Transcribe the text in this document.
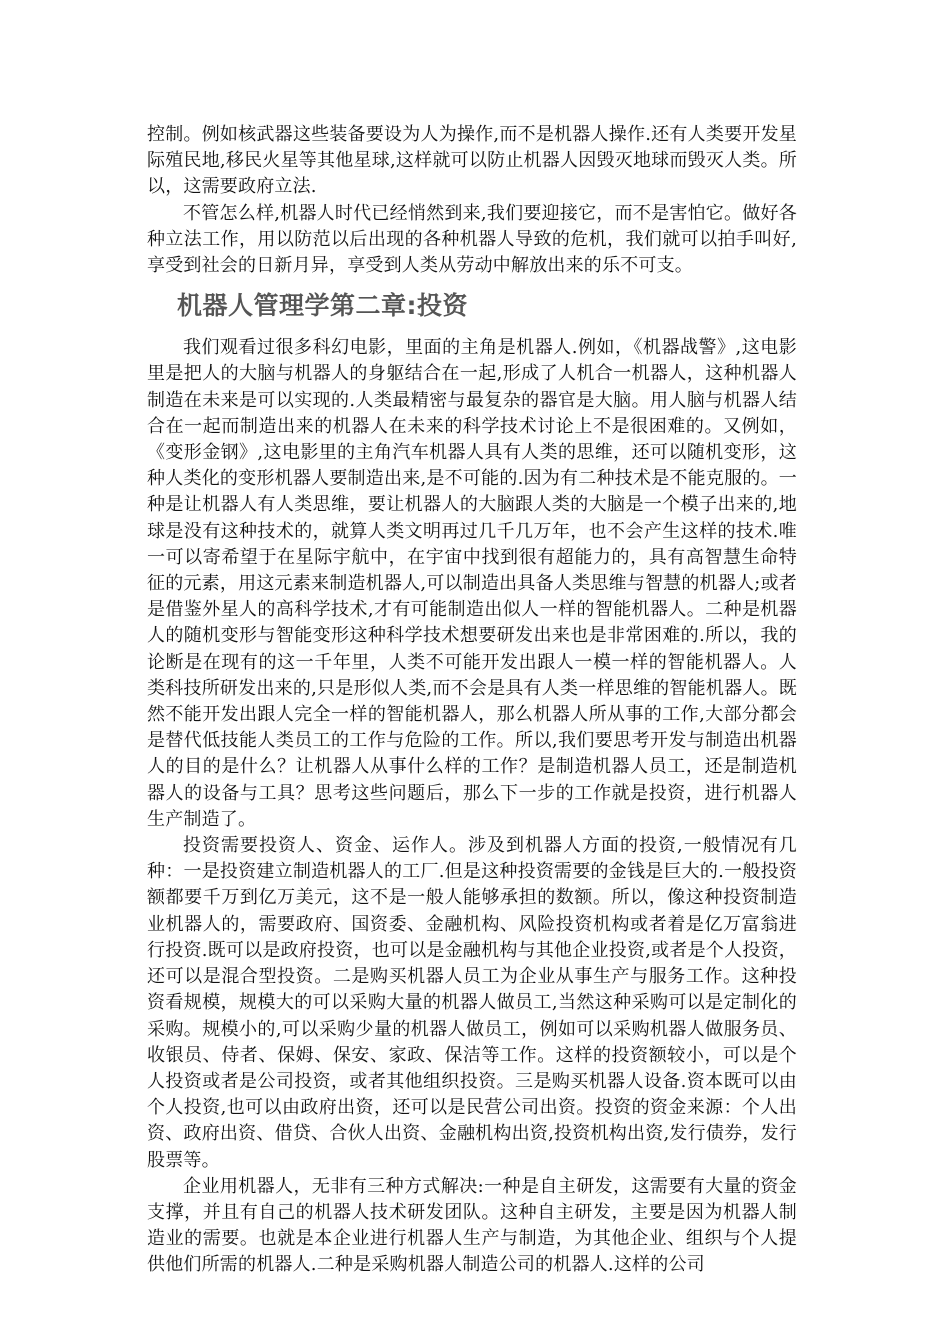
控制。例如核武器这些装备要设为人为操作,而不是机器人操作.还有人类要开发星际殖民地,移民火星等其他星球,这样就可以防止机器人因毁灭地球而毁灭人类。所以，这需要政府立法.

不管怎么样,机器人时代已经悄然到来,我们要迎接它，而不是害怕它。做好各种立法工作，用以防范以后出现的各种机器人导致的危机，我们就可以拍手叫好,享受到社会的日新月异，享受到人类从劳动中解放出来的乐不可支。

机器人管理学第二章:投资

我们观看过很多科幻电影，里面的主角是机器人.例如，《机器战警》,这电影里是把人的大脑与机器人的身躯结合在一起,形成了人机合一机器人，这种机器人制造在未来是可以实现的.人类最精密与最复杂的器官是大脑。用人脑与机器人结合在一起而制造出来的机器人在未来的科学技术讨论上不是很困难的。又例如，《变形金钢》,这电影里的主角汽车机器人具有人类的思维，还可以随机变形，这种人类化的变形机器人要制造出来,是不可能的.因为有二种技术是不能克服的。一种是让机器人有人类思维，要让机器人的大脑跟人类的大脑是一个模子出来的,地球是没有这种技术的，就算人类文明再过几千几万年，也不会产生这样的技术.唯一可以寄希望于在星际宇航中，在宇宙中找到很有超能力的，具有高智慧生命特征的元素，用这元素来制造机器人,可以制造出具备人类思维与智慧的机器人;或者是借鉴外星人的高科学技术,才有可能制造出似人一样的智能机器人。二种是机器人的随机变形与智能变形这种科学技术想要研发出来也是非常困难的.所以，我的论断是在现有的这一千年里，人类不可能开发出跟人一模一样的智能机器人。人类科技所研发出来的,只是形似人类,而不会是具有人类一样思维的智能机器人。既然不能开发出跟人完全一样的智能机器人，那么机器人所从事的工作,大部分都会是替代低技能人类员工的工作与危险的工作。所以,我们要思考开发与制造出机器人的目的是什么？让机器人从事什么样的工作？是制造机器人员工，还是制造机器人的设备与工具？思考这些问题后，那么下一步的工作就是投资，进行机器人生产制造了。

投资需要投资人、资金、运作人。涉及到机器人方面的投资,一般情况有几种：一是投资建立制造机器人的工厂.但是这种投资需要的金钱是巨大的.一般投资额都要千万到亿万美元，这不是一般人能够承担的数额。所以，像这种投资制造业机器人的，需要政府、国资委、金融机构、风险投资机构或者着是亿万富翁进行投资.既可以是政府投资，也可以是金融机构与其他企业投资,或者是个人投资，还可以是混合型投资。二是购买机器人员工为企业从事生产与服务工作。这种投资看规模，规模大的可以采购大量的机器人做员工,当然这种采购可以是定制化的采购。规模小的,可以采购少量的机器人做员工，例如可以采购机器人做服务员、收银员、侍者、保姆、保安、家政、保洁等工作。这样的投资额较小，可以是个人投资或者是公司投资，或者其他组织投资。三是购买机器人设备.资本既可以由个人投资,也可以由政府出资，还可以是民营公司出资。投资的资金来源：个人出资、政府出资、借贷、合伙人出资、金融机构出资,投资机构出资,发行债券，发行股票等。

企业用机器人，无非有三种方式解决:一种是自主研发，这需要有大量的资金支撑，并且有自己的机器人技术研发团队。这种自主研发，主要是因为机器人制造业的需要。也就是本企业进行机器人生产与制造，为其他企业、组织与个人提供他们所需的机器人.二种是采购机器人制造公司的机器人.这样的公司
